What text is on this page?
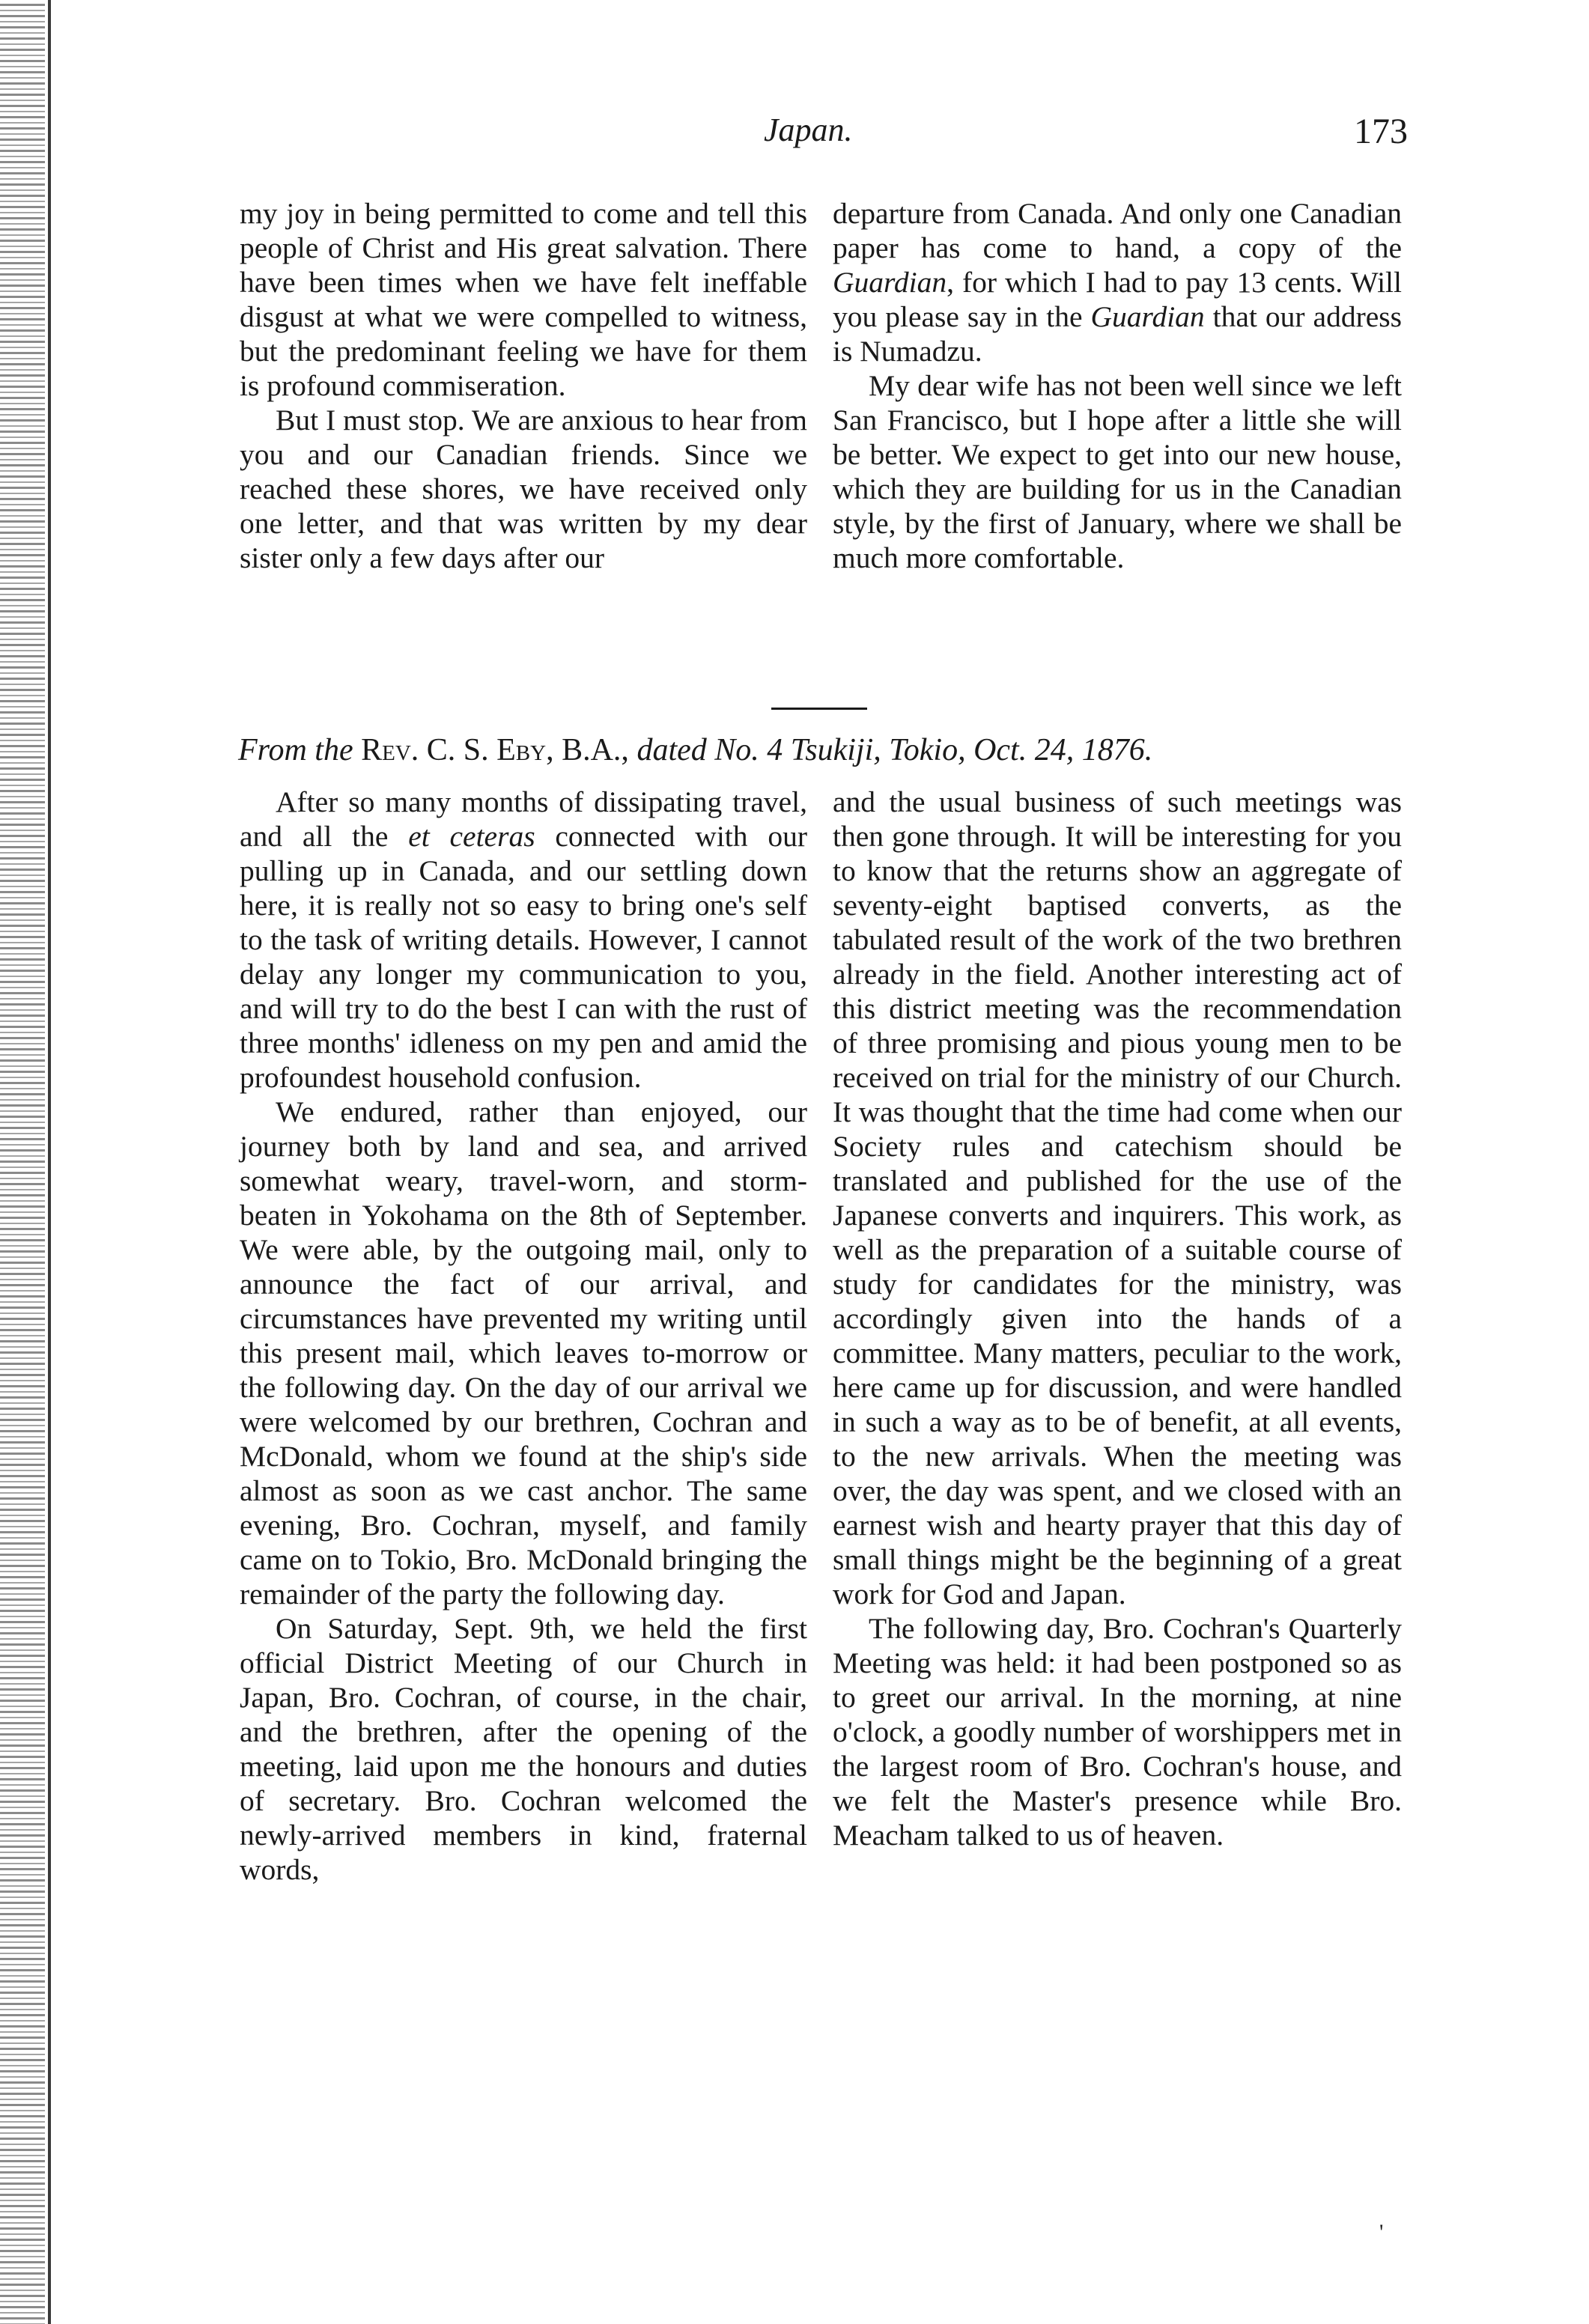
Japan.	173

my joy in being permitted to come and tell this people of Christ and His great salvation. There have been times when we have felt ineffable disgust at what we were compelled to witness, but the predominant feeling we have for them is profound commiseration.

But I must stop. We are anxious to hear from you and our Canadian friends. Since we reached these shores, we have received only one letter, and that was written by my dear sister only a few days after our

departure from Canada. And only one Canadian paper has come to hand, a copy of the Guardian, for which I had to pay 13 cents. Will you please say in the Guardian that our address is Numadzu.

My dear wife has not been well since we left San Francisco, but I hope after a little she will be better. We expect to get into our new house, which they are building for us in the Canadian style, by the first of January, where we shall be much more comfortable.

From the Rev. C. S. Eby, B.A., dated No. 4 Tsukiji, Tokio, Oct. 24, 1876.

After so many months of dissipating travel, and all the et ceteras connected with our pulling up in Canada, and our settling down here, it is really not so easy to bring one's self to the task of writing details. However, I cannot delay any longer my communication to you, and will try to do the best I can with the rust of three months' idleness on my pen and amid the profoundest household confusion.

We endured, rather than enjoyed, our journey both by land and sea, and arrived somewhat weary, travel-worn, and storm-beaten in Yokohama on the 8th of September. We were able, by the outgoing mail, only to announce the fact of our arrival, and circumstances have prevented my writing until this present mail, which leaves to-morrow or the following day. On the day of our arrival we were welcomed by our brethren, Cochran and McDonald, whom we found at the ship's side almost as soon as we cast anchor. The same evening, Bro. Cochran, myself, and family came on to Tokio, Bro. McDonald bringing the remainder of the party the following day.

On Saturday, Sept. 9th, we held the first official District Meeting of our Church in Japan, Bro. Cochran, of course, in the chair, and the brethren, after the opening of the meeting, laid upon me the honours and duties of secretary. Bro. Cochran welcomed the newly-arrived members in kind, fraternal words,

and the usual business of such meetings was then gone through. It will be interesting for you to know that the returns show an aggregate of seventy-eight baptised converts, as the tabulated result of the work of the two brethren already in the field. Another interesting act of this district meeting was the recommendation of three promising and pious young men to be received on trial for the ministry of our Church. It was thought that the time had come when our Society rules and catechism should be translated and published for the use of the Japanese converts and inquirers. This work, as well as the preparation of a suitable course of study for candidates for the ministry, was accordingly given into the hands of a committee. Many matters, peculiar to the work, here came up for discussion, and were handled in such a way as to be of benefit, at all events, to the new arrivals. When the meeting was over, the day was spent, and we closed with an earnest wish and hearty prayer that this day of small things might be the beginning of a great work for God and Japan.

The following day, Bro. Cochran's Quarterly Meeting was held: it had been postponed so as to greet our arrival. In the morning, at nine o'clock, a goodly number of worshippers met in the largest room of Bro. Cochran's house, and we felt the Master's presence while Bro. Meacham talked to us of heaven.

'
